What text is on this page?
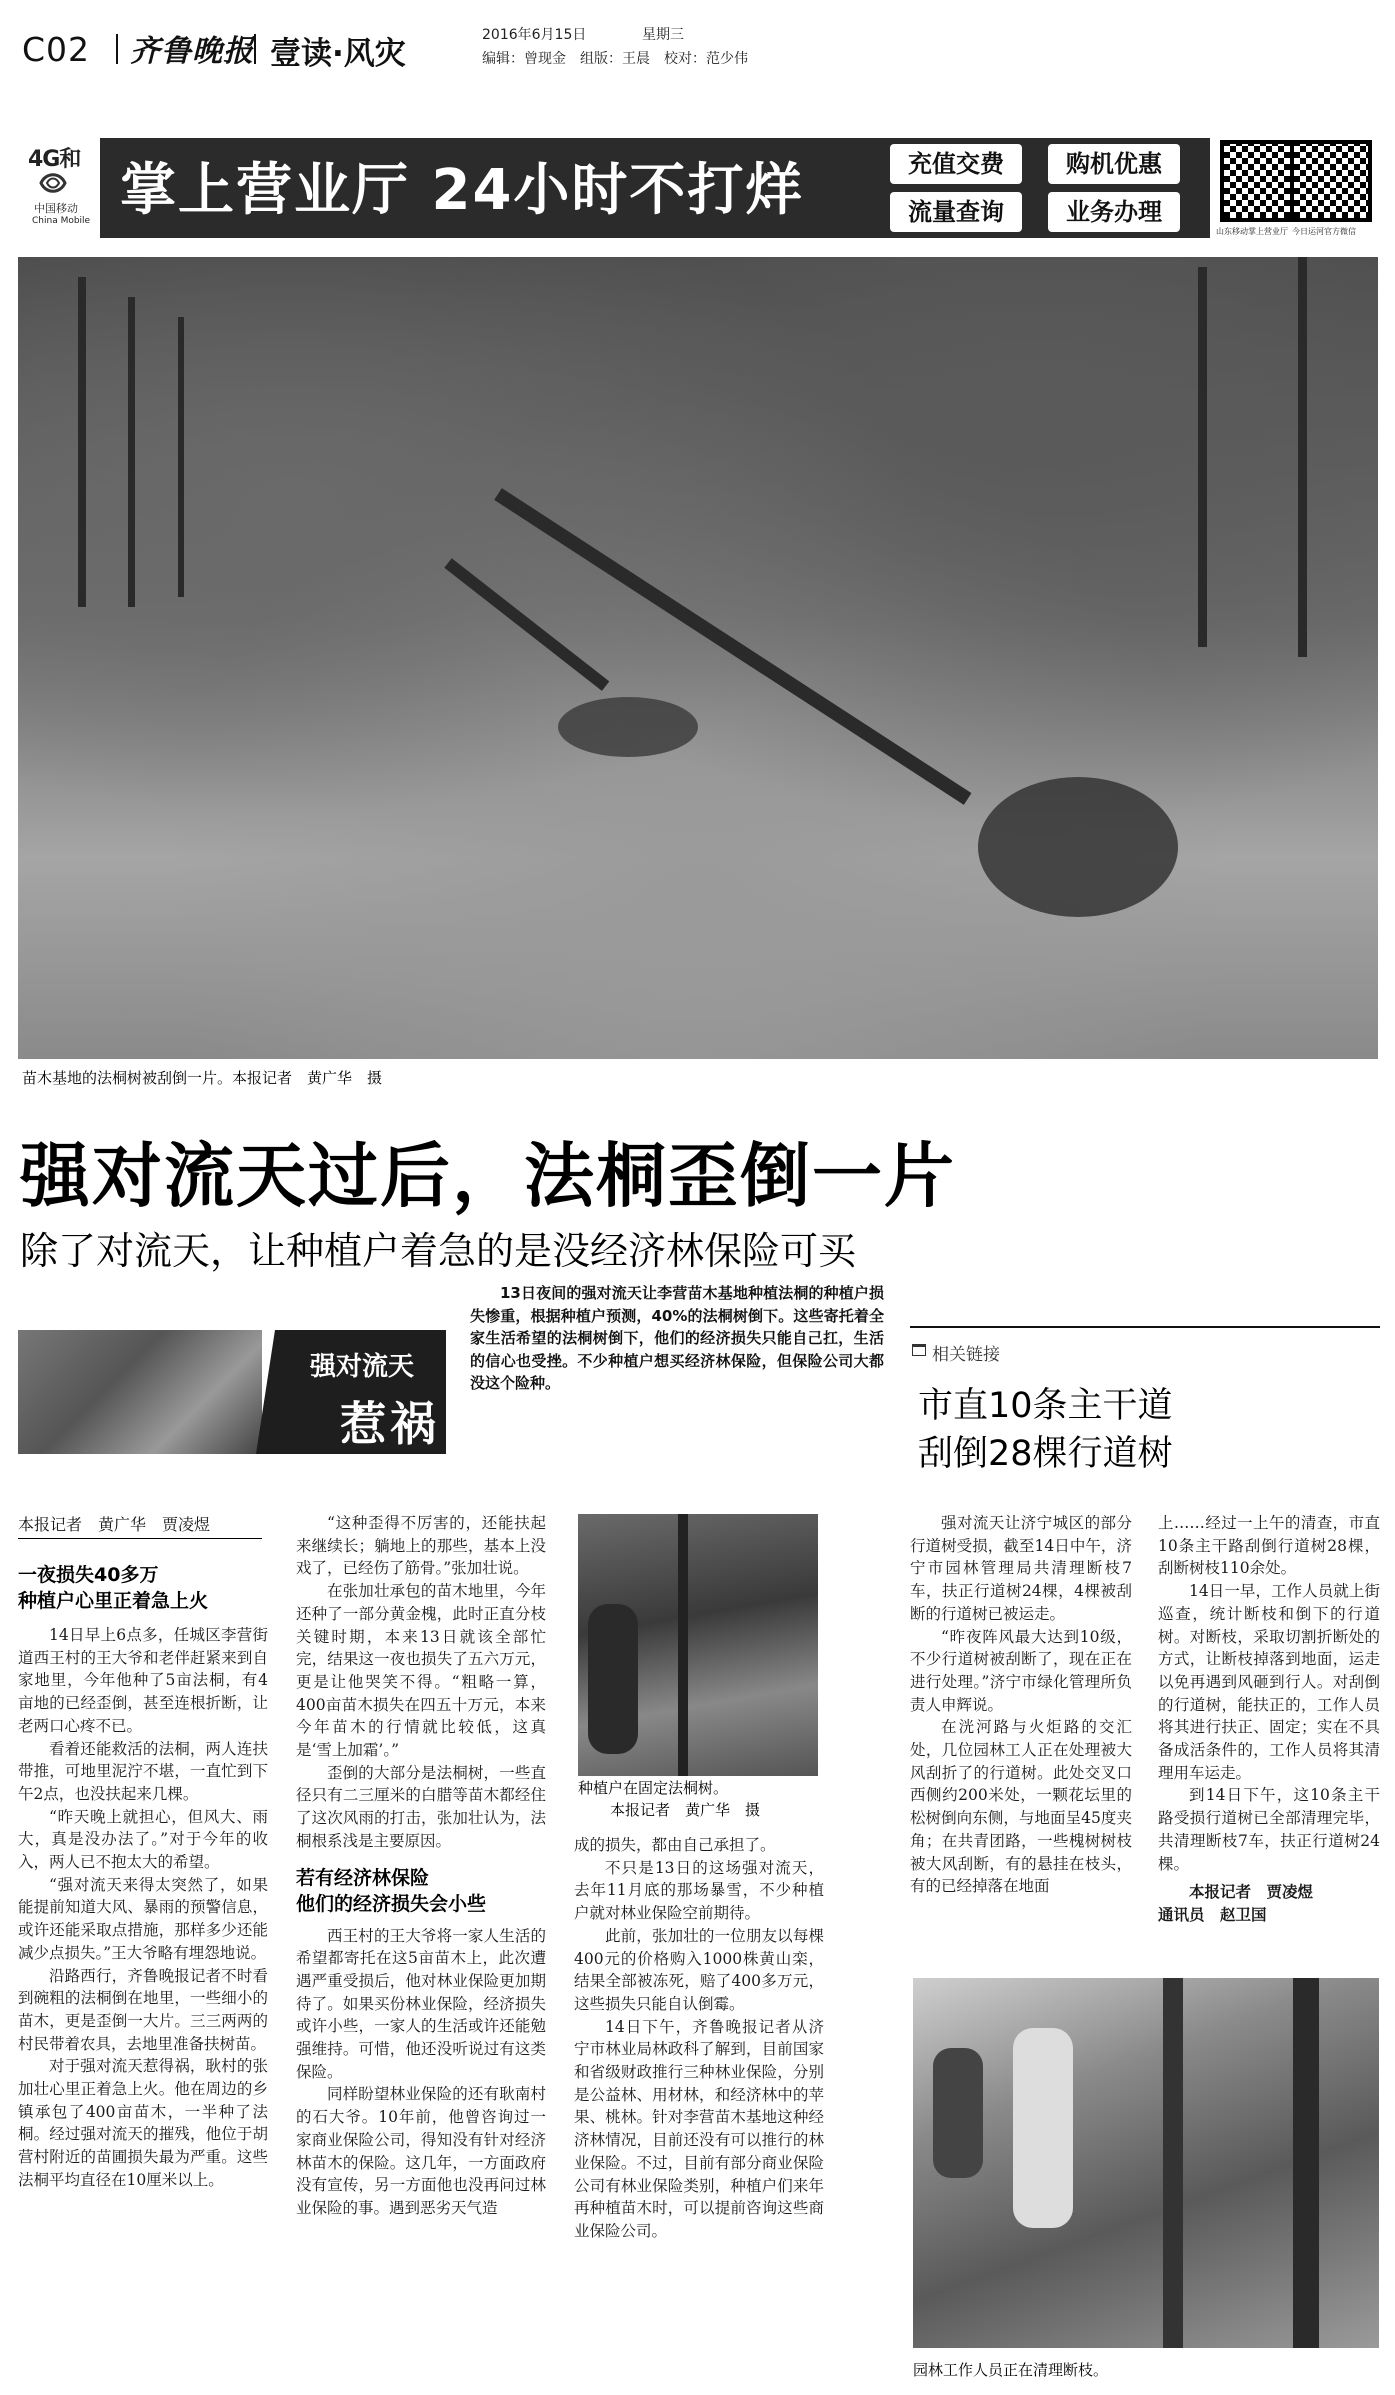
C02 齐鲁晚报 壹读·风灾
2016年6月15日	星期三
编辑：曾现金　组版：王晨　校对：范少伟
4G和
中国移动
China Mobile 掌上营业厅 24小时不打烊	充值交费	购机优惠
流量查询	业务办理
山东移动掌上营业厅 今日运河官方微信
苗木基地的法桐树被刮倒一片。本报记者　黄广华　摄
强对流天过后，法桐歪倒一片
除了对流天，让种植户着急的是没经济林保险可买
强对流天
惹祸

13日夜间的强对流天让李营苗木基地种植法桐的种植户损失惨重，根据种植户预测，40%的法桐树倒下。这些寄托着全家生活希望的法桐树倒下，他们的经济损失只能自己扛，生活的信心也受挫。不少种植户想买经济林保险，但保险公司大都没这个险种。

本报记者　黄广华　贾凌煜
一夜损失40多万
种植户心里正着急上火

14日早上6点多，任城区李营街道西王村的王大爷和老伴赶紧来到自家地里，今年他种了5亩法桐，有4亩地的已经歪倒，甚至连根折断，让老两口心疼不已。

看着还能救活的法桐，两人连扶带推，可地里泥泞不堪，一直忙到下午2点，也没扶起来几棵。

“昨天晚上就担心，但风大、雨大，真是没办法了。”对于今年的收入，两人已不抱太大的希望。

“强对流天来得太突然了，如果能提前知道大风、暴雨的预警信息，或许还能采取点措施，那样多少还能减少点损失。”王大爷略有埋怨地说。

沿路西行，齐鲁晚报记者不时看到碗粗的法桐倒在地里，一些细小的苗木，更是歪倒一大片。三三两两的村民带着农具，去地里准备扶树苗。

对于强对流天惹得祸，耿村的张加壮心里正着急上火。他在周边的乡镇承包了400亩苗木，一半种了法桐。经过强对流天的摧残，他位于胡营村附近的苗圃损失最为严重。这些法桐平均直径在10厘米以上。

“这种歪得不厉害的，还能扶起来继续长；躺地上的那些，基本上没戏了，已经伤了筋骨。”张加壮说。

在张加壮承包的苗木地里，今年还种了一部分黄金槐，此时正直分枝关键时期，本来13日就该全部忙完，结果这一夜也损失了五六万元，更是让他哭笑不得。“粗略一算，400亩苗木损失在四五十万元，本来今年苗木的行情就比较低，这真是‘雪上加霜’。”

歪倒的大部分是法桐树，一些直径只有二三厘米的白腊等苗木都经住了这次风雨的打击，张加壮认为，法桐根系浅是主要原因。

若有经济林保险
他们的经济损失会小些

西王村的王大爷将一家人生活的希望都寄托在这5亩苗木上，此次遭遇严重受损后，他对林业保险更加期待了。如果买份林业保险，经济损失或许小些，一家人的生活或许还能勉强维持。可惜，他还没听说过有这类保险。

同样盼望林业保险的还有耿南村的石大爷。10年前，他曾咨询过一家商业保险公司，得知没有针对经济林苗木的保险。这几年，一方面政府没有宣传，另一方面他也没再问过林业保险的事。遇到恶劣天气造

种植户在固定法桐树。
本报记者　黄广华　摄

成的损失，都由自己承担了。

不只是13日的这场强对流天，去年11月底的那场暴雪，不少种植户就对林业保险空前期待。

此前，张加壮的一位朋友以每棵400元的价格购入1000株黄山栾，结果全部被冻死，赔了400多万元，这些损失只能自认倒霉。

14日下午，齐鲁晚报记者从济宁市林业局林政科了解到，目前国家和省级财政推行三种林业保险，分别是公益林、用材林，和经济林中的苹果、桃林。针对李营苗木基地这种经济林情况，目前还没有可以推行的林业保险。不过，目前有部分商业保险公司有林业保险类别，种植户们来年再种植苗木时，可以提前咨询这些商业保险公司。

相关链接
市直10条主干道
刮倒28棵行道树

强对流天让济宁城区的部分行道树受损，截至14日中午，济宁市园林管理局共清理断枝7车，扶正行道树24棵，4棵被刮断的行道树已被运走。

“昨夜阵风最大达到10级，不少行道树被刮断了，现在正在进行处理。”济宁市绿化管理所负责人申辉说。

在洸河路与火炬路的交汇处，几位园林工人正在处理被大风刮折了的行道树。此处交叉口西侧约200米处，一颗花坛里的松树倒向东侧，与地面呈45度夹角；在共青团路，一些槐树树枝被大风刮断，有的悬挂在枝头，有的已经掉落在地面

上……经过一上午的清查，市直10条主干路刮倒行道树28棵，刮断树枝110余处。

14日一早，工作人员就上街巡查，统计断枝和倒下的行道树。对断枝，采取切割折断处的方式，让断枝掉落到地面，运走以免再遇到风砸到行人。对刮倒的行道树，能扶正的，工作人员将其进行扶正、固定；实在不具备成活条件的，工作人员将其清理用车运走。

到14日下午，这10条主干路受损行道树已全部清理完毕，共清理断枝7车，扶正行道树24棵。

本报记者　贾凌煜

通讯员　赵卫国

园林工作人员正在清理断枝。
